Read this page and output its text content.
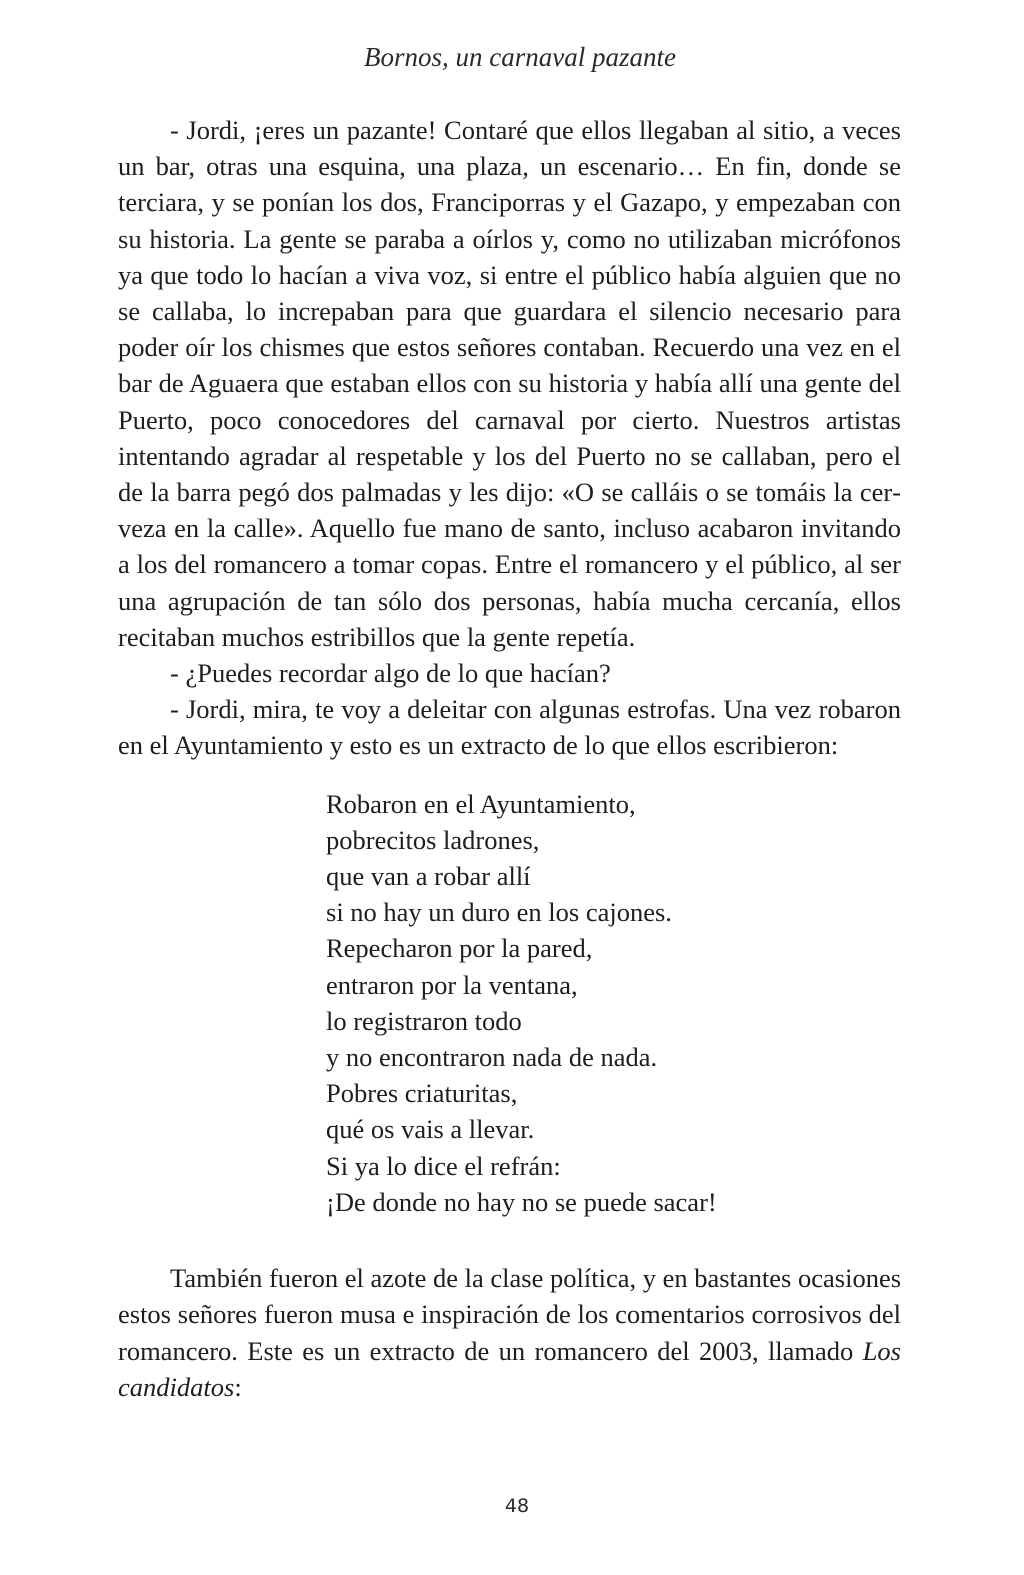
Bornos, un carnaval pazante

- Jordi, ¡eres un pazante! Contaré que ellos llegaban al sitio, a veces un bar, otras una esquina, una plaza, un escenario… En fin, donde se terciara, y se ponían los dos, Franciporras y el Gazapo, y empezaban con su historia. La gente se paraba a oírlos y, como no utilizaban micrófonos ya que todo lo hacían a viva voz, si entre el público había alguien que no se callaba, lo increpaban para que guardara el silencio necesario para poder oír los chismes que estos señores contaban. Recuerdo una vez en el bar de Aguaera que estaban ellos con su historia y había allí una gente del Puerto, poco conocedores del carnaval por cierto. Nuestros artistas intentando agradar al respetable y los del Puerto no se callaban, pero el de la barra pegó dos palmadas y les dijo: «O se calláis o se tomáis la cerveza en la calle». Aquello fue mano de santo, incluso acabaron invitando a los del romancero a tomar copas. Entre el romancero y el público, al ser una agrupación de tan sólo dos personas, había mucha cercanía, ellos recitaban muchos estribillos que la gente repetía.

- ¿Puedes recordar algo de lo que hacían?

- Jordi, mira, te voy a deleitar con algunas estrofas. Una vez robaron en el Ayuntamiento y esto es un extracto de lo que ellos escribieron:

Robaron en el Ayuntamiento,
pobrecitos ladrones,
que van a robar allí
si no hay un duro en los cajones.
Repecharon por la pared,
entraron por la ventana,
lo registraron todo
y no encontraron nada de nada.
Pobres criaturitas,
qué os vais a llevar.
Si ya lo dice el refrán:
¡De donde no hay no se puede sacar!

También fueron el azote de la clase política, y en bastantes ocasiones estos señores fueron musa e inspiración de los comentarios corrosivos del romancero. Este es un extracto de un romancero del 2003, llamado Los candidatos:

48
